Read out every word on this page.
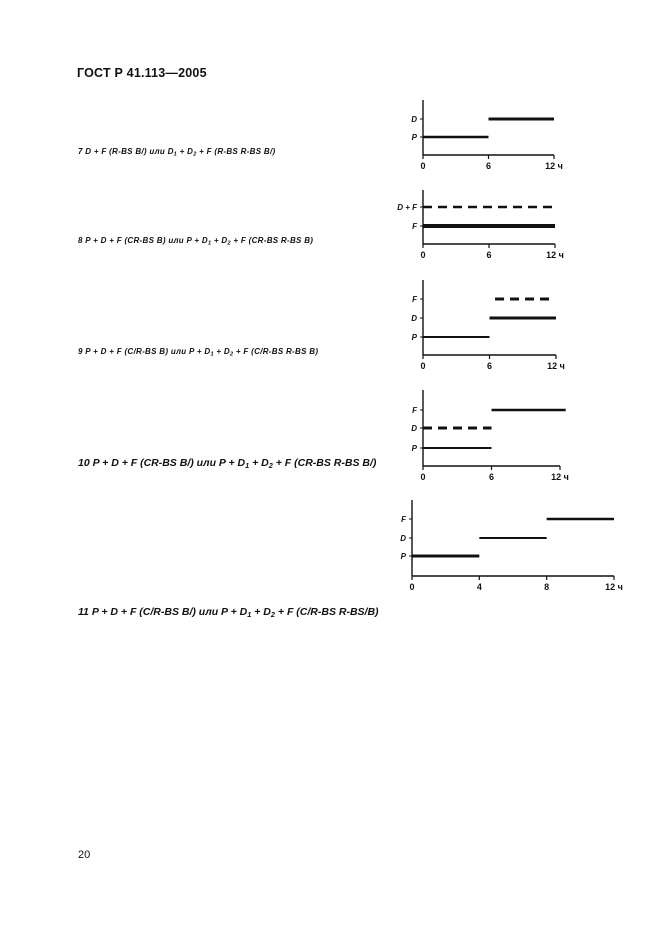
ГОСТ Р 41.113—2005
7 D + F (R-BS B/) или $D_1 + D_2 + F$ (R-BS R-BS B/)
8 P + D + F (CR-BS B) или $P + D_1 + D_2 + F$ (CR-BS R-BS B)
9 P + D + F (C/R-BS B) или $P + D_1 + D_2 + F$ (C/R-BS R-BS B)
10 P + D + F (CR-BS B/) или $P + D_1 + D_2 + F$ (CR-BS R-BS B/)
11 P + D + F (C/R-BS B/) или $P + D_1 + D_2 + F$ (C/R-BS R-BS/B)
0	6	12 ч
D
P
0	6	12 ч
D + F
F
0	6	12 ч
F
D
P
0	6	12 ч
F
D
P
0	4	8	12 ч
F
D
P
20
